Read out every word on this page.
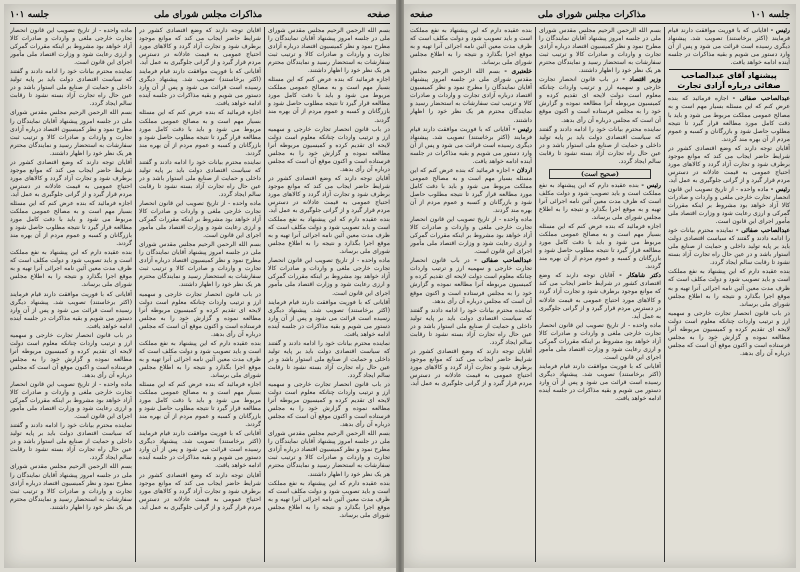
صفحه
مذاکرات مجلس شورای ملی
جلسه ۱۰۱

بسم الله الرحمن الرحیم مجلس مقدس شورای ملی در جلسه امروز پیشنهاد آقایان نمایندگان را مطرح نمود و نظر کمیسیون اقتصاد درباره آزادی تجارت و واردات و صادرات کالا و ترتیب ثبت سفارشات به استحضار رسید و نمایندگان محترم هر یک نظر خود را اظهار داشتند.

اجازه فرمائید که بنده عرض کنم که این مسئله بسیار مهم است و به مصالح عمومی مملکت مربوط می شود و باید با دقت کامل مورد مطالعه قرار گیرد تا نتیجه مطلوب حاصل شود و بازرگانان و کسبه و عموم مردم از آن بهره مند گردند.

در باب قانون انحصار تجارت خارجی و سهمیه ارز و ترتیب واردات چنانکه معلوم است دولت لایحه ای تقدیم کرده و کمیسیون مربوطه آنرا مطالعه نموده و گزارش خود را به مجلس فرستاده است و اکنون موقع آن است که مجلس درباره آن رأی بدهد.

آقایان توجه دارند که وضع اقتصادی کشور در شرایط حاضر ایجاب می کند که موانع موجود برطرف شود و تجارت آزاد گردد و کالاهای مورد احتیاج عمومی به قیمت عادلانه در دسترس مردم قرار گیرد و از گرانی جلوگیری به عمل آید.

بنده عقیده دارم که این پیشنهاد به نفع مملکت است و باید تصویب شود و دولت مکلف است که ظرف مدت معین آئین نامه اجرائی آنرا تهیه و به موقع اجرا بگذارد و نتیجه را به اطلاع مجلس شورای ملی برساند.

ماده واحده - از تاریخ تصویب این قانون انحصار تجارت خارجی ملغی و واردات و صادرات کالا آزاد خواهد بود مشروط بر اینکه مقررات گمرکی و ارزی رعایت شود و وزارت اقتصاد ملی مأمور اجرای این قانون است.

آقایانی که با فوریت موافقت دارند قیام فرمایند (اکثر برخاستند) تصویب شد. پیشنهاد دیگری رسیده است قرائت می شود و پس از آن وارد دستور می شویم و بقیه مذاکرات در جلسه آینده ادامه خواهد یافت.

نماینده محترم بیانات خود را ادامه دادند و گفتند که سیاست اقتصادی دولت باید بر پایه تولید داخلی و حمایت از صنایع ملی استوار باشد و در عین حال راه تجارت آزاد بسته نشود تا رقابت سالم ایجاد گردد.

در باب قانون انحصار تجارت خارجی و سهمیه ارز و ترتیب واردات چنانکه معلوم است دولت لایحه ای تقدیم کرده و کمیسیون مربوطه آنرا مطالعه نموده و گزارش خود را به مجلس فرستاده است و اکنون موقع آن است که مجلس درباره آن رأی بدهد.

بسم الله الرحمن الرحیم مجلس مقدس شورای ملی در جلسه امروز پیشنهاد آقایان نمایندگان را مطرح نمود و نظر کمیسیون اقتصاد درباره آزادی تجارت و واردات و صادرات کالا و ترتیب ثبت سفارشات به استحضار رسید و نمایندگان محترم هر یک نظر خود را اظهار داشتند.

بنده عقیده دارم که این پیشنهاد به نفع مملکت است و باید تصویب شود و دولت مکلف است که ظرف مدت معین آئین نامه اجرائی آنرا تهیه و به موقع اجرا بگذارد و نتیجه را به اطلاع مجلس شورای ملی برساند.

آقایان توجه دارند که وضع اقتصادی کشور در شرایط حاضر ایجاب می کند که موانع موجود برطرف شود و تجارت آزاد گردد و کالاهای مورد احتیاج عمومی به قیمت عادلانه در دسترس مردم قرار گیرد و از گرانی جلوگیری به عمل آید.

آقایانی که با فوریت موافقت دارند قیام فرمایند (اکثر برخاستند) تصویب شد. پیشنهاد دیگری رسیده است قرائت می شود و پس از آن وارد دستور می شویم و بقیه مذاکرات در جلسه آینده ادامه خواهد یافت.

اجازه فرمائید که بنده عرض کنم که این مسئله بسیار مهم است و به مصالح عمومی مملکت مربوط می شود و باید با دقت کامل مورد مطالعه قرار گیرد تا نتیجه مطلوب حاصل شود و بازرگانان و کسبه و عموم مردم از آن بهره مند گردند.

نماینده محترم بیانات خود را ادامه دادند و گفتند که سیاست اقتصادی دولت باید بر پایه تولید داخلی و حمایت از صنایع ملی استوار باشد و در عین حال راه تجارت آزاد بسته نشود تا رقابت سالم ایجاد گردد.

ماده واحده - از تاریخ تصویب این قانون انحصار تجارت خارجی ملغی و واردات و صادرات کالا آزاد خواهد بود مشروط بر اینکه مقررات گمرکی و ارزی رعایت شود و وزارت اقتصاد ملی مأمور اجرای این قانون است.

بسم الله الرحمن الرحیم مجلس مقدس شورای ملی در جلسه امروز پیشنهاد آقایان نمایندگان را مطرح نمود و نظر کمیسیون اقتصاد درباره آزادی تجارت و واردات و صادرات کالا و ترتیب ثبت سفارشات به استحضار رسید و نمایندگان محترم هر یک نظر خود را اظهار داشتند.

در باب قانون انحصار تجارت خارجی و سهمیه ارز و ترتیب واردات چنانکه معلوم است دولت لایحه ای تقدیم کرده و کمیسیون مربوطه آنرا مطالعه نموده و گزارش خود را به مجلس فرستاده است و اکنون موقع آن است که مجلس درباره آن رأی بدهد.

بنده عقیده دارم که این پیشنهاد به نفع مملکت است و باید تصویب شود و دولت مکلف است که ظرف مدت معین آئین نامه اجرائی آنرا تهیه و به موقع اجرا بگذارد و نتیجه را به اطلاع مجلس شورای ملی برساند.

اجازه فرمائید که بنده عرض کنم که این مسئله بسیار مهم است و به مصالح عمومی مملکت مربوط می شود و باید با دقت کامل مورد مطالعه قرار گیرد تا نتیجه مطلوب حاصل شود و بازرگانان و کسبه و عموم مردم از آن بهره مند گردند.

آقایانی که با فوریت موافقت دارند قیام فرمایند (اکثر برخاستند) تصویب شد. پیشنهاد دیگری رسیده است قرائت می شود و پس از آن وارد دستور می شویم و بقیه مذاکرات در جلسه آینده ادامه خواهد یافت.

آقایان توجه دارند که وضع اقتصادی کشور در شرایط حاضر ایجاب می کند که موانع موجود برطرف شود و تجارت آزاد گردد و کالاهای مورد احتیاج عمومی به قیمت عادلانه در دسترس مردم قرار گیرد و از گرانی جلوگیری به عمل آید.

ماده واحده - از تاریخ تصویب این قانون انحصار تجارت خارجی ملغی و واردات و صادرات کالا آزاد خواهد بود مشروط بر اینکه مقررات گمرکی و ارزی رعایت شود و وزارت اقتصاد ملی مأمور اجرای این قانون است.

نماینده محترم بیانات خود را ادامه دادند و گفتند که سیاست اقتصادی دولت باید بر پایه تولید داخلی و حمایت از صنایع ملی استوار باشد و در عین حال راه تجارت آزاد بسته نشود تا رقابت سالم ایجاد گردد.

بسم الله الرحمن الرحیم مجلس مقدس شورای ملی در جلسه امروز پیشنهاد آقایان نمایندگان را مطرح نمود و نظر کمیسیون اقتصاد درباره آزادی تجارت و واردات و صادرات کالا و ترتیب ثبت سفارشات به استحضار رسید و نمایندگان محترم هر یک نظر خود را اظهار داشتند.

آقایان توجه دارند که وضع اقتصادی کشور در شرایط حاضر ایجاب می کند که موانع موجود برطرف شود و تجارت آزاد گردد و کالاهای مورد احتیاج عمومی به قیمت عادلانه در دسترس مردم قرار گیرد و از گرانی جلوگیری به عمل آید.

اجازه فرمائید که بنده عرض کنم که این مسئله بسیار مهم است و به مصالح عمومی مملکت مربوط می شود و باید با دقت کامل مورد مطالعه قرار گیرد تا نتیجه مطلوب حاصل شود و بازرگانان و کسبه و عموم مردم از آن بهره مند گردند.

بنده عقیده دارم که این پیشنهاد به نفع مملکت است و باید تصویب شود و دولت مکلف است که ظرف مدت معین آئین نامه اجرائی آنرا تهیه و به موقع اجرا بگذارد و نتیجه را به اطلاع مجلس شورای ملی برساند.

آقایانی که با فوریت موافقت دارند قیام فرمایند (اکثر برخاستند) تصویب شد. پیشنهاد دیگری رسیده است قرائت می شود و پس از آن وارد دستور می شویم و بقیه مذاکرات در جلسه آینده ادامه خواهد یافت.

در باب قانون انحصار تجارت خارجی و سهمیه ارز و ترتیب واردات چنانکه معلوم است دولت لایحه ای تقدیم کرده و کمیسیون مربوطه آنرا مطالعه نموده و گزارش خود را به مجلس فرستاده است و اکنون موقع آن است که مجلس درباره آن رأی بدهد.

ماده واحده - از تاریخ تصویب این قانون انحصار تجارت خارجی ملغی و واردات و صادرات کالا آزاد خواهد بود مشروط بر اینکه مقررات گمرکی و ارزی رعایت شود و وزارت اقتصاد ملی مأمور اجرای این قانون است.

نماینده محترم بیانات خود را ادامه دادند و گفتند که سیاست اقتصادی دولت باید بر پایه تولید داخلی و حمایت از صنایع ملی استوار باشد و در عین حال راه تجارت آزاد بسته نشود تا رقابت سالم ایجاد گردد.

بسم الله الرحمن الرحیم مجلس مقدس شورای ملی در جلسه امروز پیشنهاد آقایان نمایندگان را مطرح نمود و نظر کمیسیون اقتصاد درباره آزادی تجارت و واردات و صادرات کالا و ترتیب ثبت سفارشات به استحضار رسید و نمایندگان محترم هر یک نظر خود را اظهار داشتند.

جلسه ۱۰۱
مذاکرات مجلس شورای ملی
صفحه

رئیس - آقایانی که با فوریت موافقت دارند قیام فرمایند (اکثر برخاستند) تصویب شد. پیشنهاد دیگری رسیده است قرائت می شود و پس از آن وارد دستور می شویم و بقیه مذاکرات در جلسه آینده ادامه خواهد یافت.

پیشنهاد آقای عبدالصاحب صفائی درباره آزادی تجارت

عبدالصاحب صفائی - اجازه فرمائید که بنده عرض کنم که این مسئله بسیار مهم است و به مصالح عمومی مملکت مربوط می شود و باید با دقت کامل مورد مطالعه قرار گیرد تا نتیجه مطلوب حاصل شود و بازرگانان و کسبه و عموم مردم از آن بهره مند گردند.

آقایان توجه دارند که وضع اقتصادی کشور در شرایط حاضر ایجاب می کند که موانع موجود برطرف شود و تجارت آزاد گردد و کالاهای مورد احتیاج عمومی به قیمت عادلانه در دسترس مردم قرار گیرد و از گرانی جلوگیری به عمل آید.

رئیس - ماده واحده - از تاریخ تصویب این قانون انحصار تجارت خارجی ملغی و واردات و صادرات کالا آزاد خواهد بود مشروط بر اینکه مقررات گمرکی و ارزی رعایت شود و وزارت اقتصاد ملی مأمور اجرای این قانون است.

عبدالصاحب صفائی - نماینده محترم بیانات خود را ادامه دادند و گفتند که سیاست اقتصادی دولت باید بر پایه تولید داخلی و حمایت از صنایع ملی استوار باشد و در عین حال راه تجارت آزاد بسته نشود تا رقابت سالم ایجاد گردد.

بنده عقیده دارم که این پیشنهاد به نفع مملکت است و باید تصویب شود و دولت مکلف است که ظرف مدت معین آئین نامه اجرائی آنرا تهیه و به موقع اجرا بگذارد و نتیجه را به اطلاع مجلس شورای ملی برساند.

در باب قانون انحصار تجارت خارجی و سهمیه ارز و ترتیب واردات چنانکه معلوم است دولت لایحه ای تقدیم کرده و کمیسیون مربوطه آنرا مطالعه نموده و گزارش خود را به مجلس فرستاده است و اکنون موقع آن است که مجلس درباره آن رأی بدهد.

بسم الله الرحمن الرحیم مجلس مقدس شورای ملی در جلسه امروز پیشنهاد آقایان نمایندگان را مطرح نمود و نظر کمیسیون اقتصاد درباره آزادی تجارت و واردات و صادرات کالا و ترتیب ثبت سفارشات به استحضار رسید و نمایندگان محترم هر یک نظر خود را اظهار داشتند.

وزیر اقتصاد - در باب قانون انحصار تجارت خارجی و سهمیه ارز و ترتیب واردات چنانکه معلوم است دولت لایحه ای تقدیم کرده و کمیسیون مربوطه آنرا مطالعه نموده و گزارش خود را به مجلس فرستاده است و اکنون موقع آن است که مجلس درباره آن رأی بدهد.

نماینده محترم بیانات خود را ادامه دادند و گفتند که سیاست اقتصادی دولت باید بر پایه تولید داخلی و حمایت از صنایع ملی استوار باشد و در عین حال راه تجارت آزاد بسته نشود تا رقابت سالم ایجاد گردد.

(صحیح است)

رئیس - بنده عقیده دارم که این پیشنهاد به نفع مملکت است و باید تصویب شود و دولت مکلف است که ظرف مدت معین آئین نامه اجرائی آنرا تهیه و به موقع اجرا بگذارد و نتیجه را به اطلاع مجلس شورای ملی برساند.

اجازه فرمائید که بنده عرض کنم که این مسئله بسیار مهم است و به مصالح عمومی مملکت مربوط می شود و باید با دقت کامل مورد مطالعه قرار گیرد تا نتیجه مطلوب حاصل شود و بازرگانان و کسبه و عموم مردم از آن بهره مند گردند.

دکتر شاهکار - آقایان توجه دارند که وضع اقتصادی کشور در شرایط حاضر ایجاب می کند که موانع موجود برطرف شود و تجارت آزاد گردد و کالاهای مورد احتیاج عمومی به قیمت عادلانه در دسترس مردم قرار گیرد و از گرانی جلوگیری به عمل آید.

ماده واحده - از تاریخ تصویب این قانون انحصار تجارت خارجی ملغی و واردات و صادرات کالا آزاد خواهد بود مشروط بر اینکه مقررات گمرکی و ارزی رعایت شود و وزارت اقتصاد ملی مأمور اجرای این قانون است.

آقایانی که با فوریت موافقت دارند قیام فرمایند (اکثر برخاستند) تصویب شد. پیشنهاد دیگری رسیده است قرائت می شود و پس از آن وارد دستور می شویم و بقیه مذاکرات در جلسه آینده ادامه خواهد یافت.

بنده عقیده دارم که این پیشنهاد به نفع مملکت است و باید تصویب شود و دولت مکلف است که ظرف مدت معین آئین نامه اجرائی آنرا تهیه و به موقع اجرا بگذارد و نتیجه را به اطلاع مجلس شورای ملی برساند.

خلعتبری - بسم الله الرحمن الرحیم مجلس مقدس شورای ملی در جلسه امروز پیشنهاد آقایان نمایندگان را مطرح نمود و نظر کمیسیون اقتصاد درباره آزادی تجارت و واردات و صادرات کالا و ترتیب ثبت سفارشات به استحضار رسید و نمایندگان محترم هر یک نظر خود را اظهار داشتند.

رئیس - آقایانی که با فوریت موافقت دارند قیام فرمایند (اکثر برخاستند) تصویب شد. پیشنهاد دیگری رسیده است قرائت می شود و پس از آن وارد دستور می شویم و بقیه مذاکرات در جلسه آینده ادامه خواهد یافت.

اردلان - اجازه فرمائید که بنده عرض کنم که این مسئله بسیار مهم است و به مصالح عمومی مملکت مربوط می شود و باید با دقت کامل مورد مطالعه قرار گیرد تا نتیجه مطلوب حاصل شود و بازرگانان و کسبه و عموم مردم از آن بهره مند گردند.

ماده واحده - از تاریخ تصویب این قانون انحصار تجارت خارجی ملغی و واردات و صادرات کالا آزاد خواهد بود مشروط بر اینکه مقررات گمرکی و ارزی رعایت شود و وزارت اقتصاد ملی مأمور اجرای این قانون است.

عبدالصاحب صفائی - در باب قانون انحصار تجارت خارجی و سهمیه ارز و ترتیب واردات چنانکه معلوم است دولت لایحه ای تقدیم کرده و کمیسیون مربوطه آنرا مطالعه نموده و گزارش خود را به مجلس فرستاده است و اکنون موقع آن است که مجلس درباره آن رأی بدهد.

نماینده محترم بیانات خود را ادامه دادند و گفتند که سیاست اقتصادی دولت باید بر پایه تولید داخلی و حمایت از صنایع ملی استوار باشد و در عین حال راه تجارت آزاد بسته نشود تا رقابت سالم ایجاد گردد.

آقایان توجه دارند که وضع اقتصادی کشور در شرایط حاضر ایجاب می کند که موانع موجود برطرف شود و تجارت آزاد گردد و کالاهای مورد احتیاج عمومی به قیمت عادلانه در دسترس مردم قرار گیرد و از گرانی جلوگیری به عمل آید.
